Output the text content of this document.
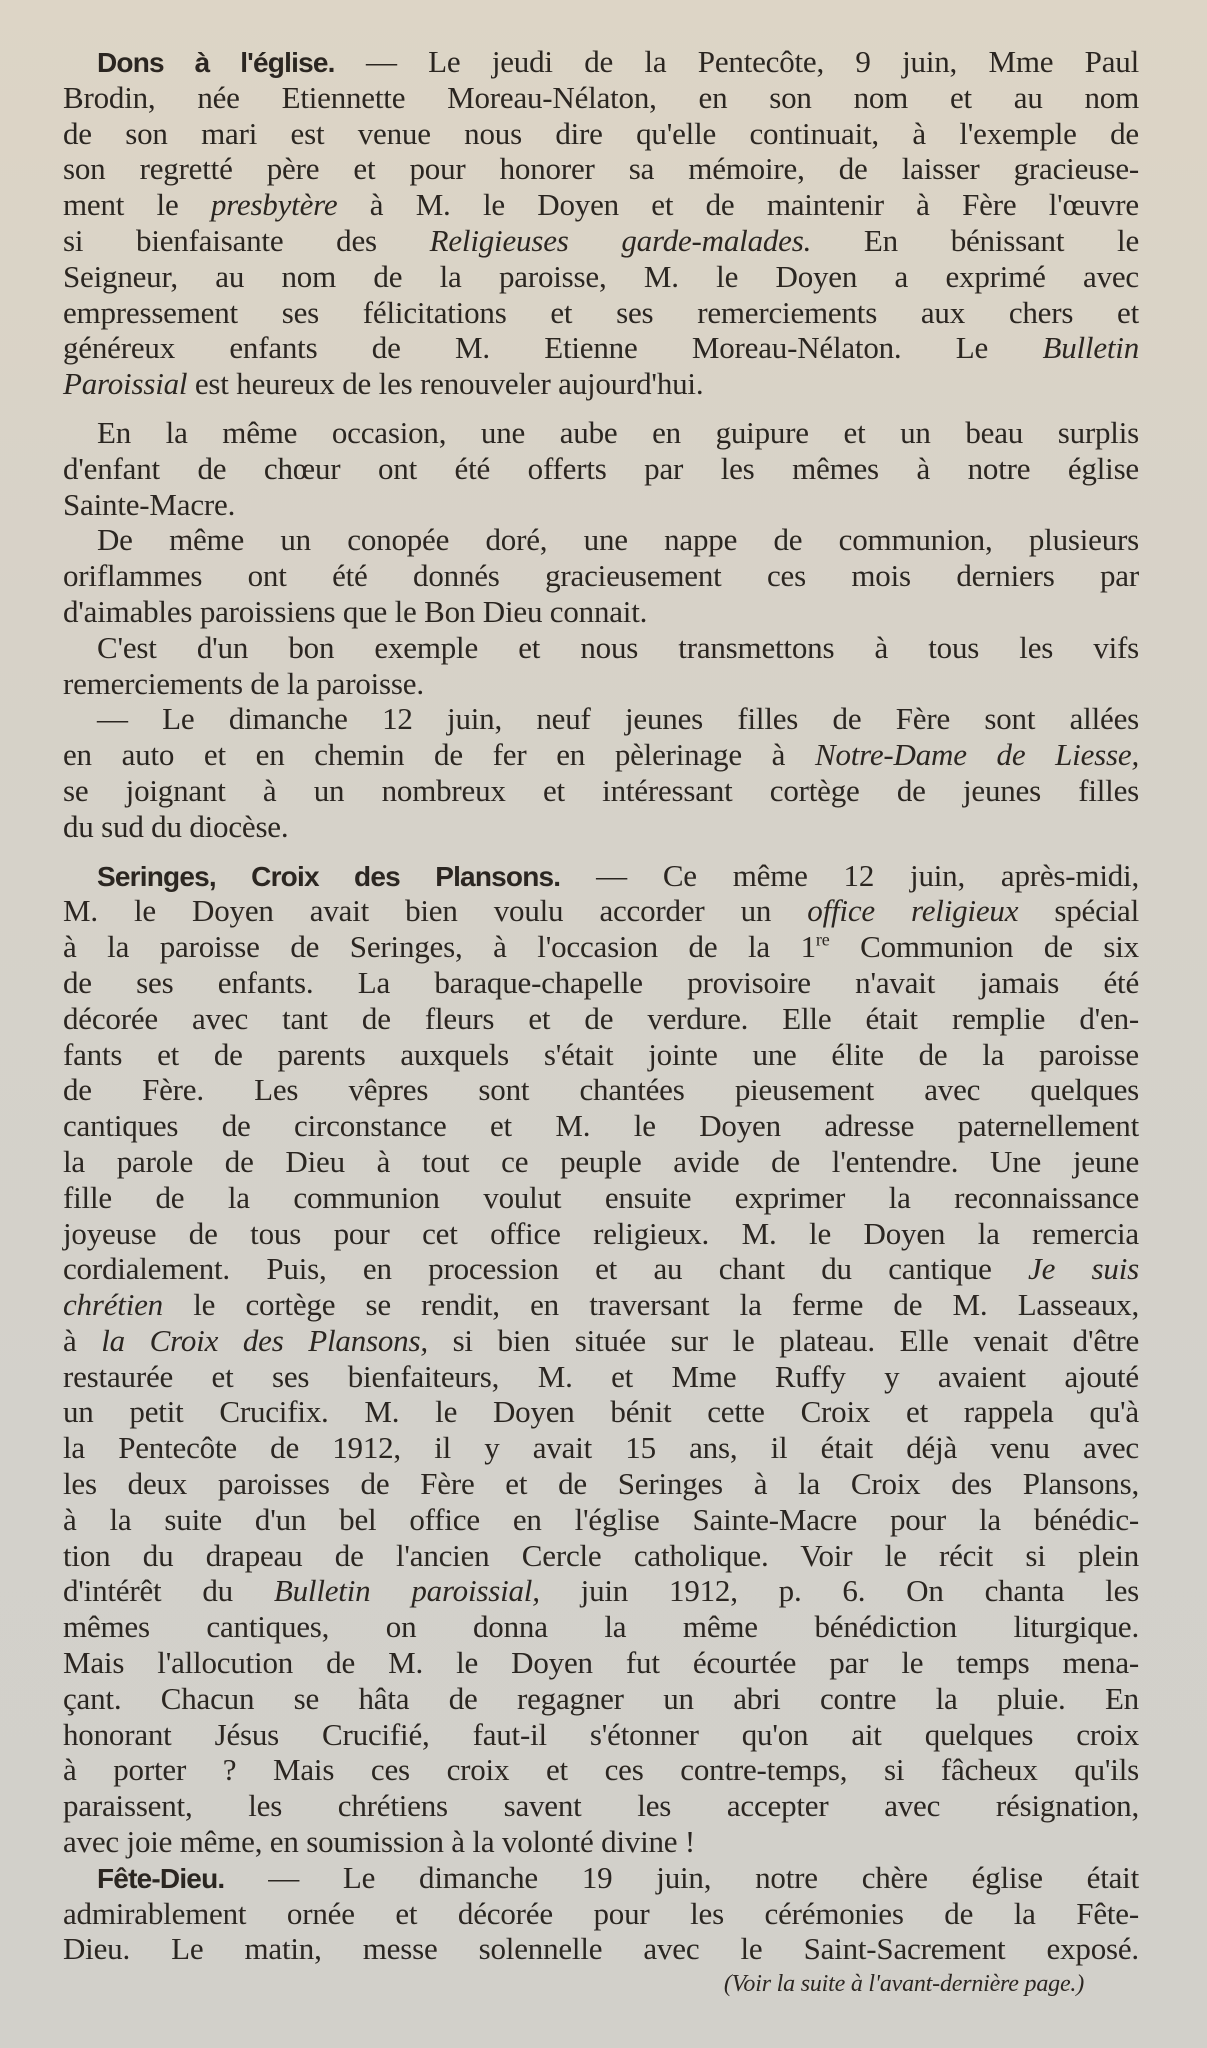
Dons à l'église. — Le jeudi de la Pentecôte, 9 juin, Mme Paul
Brodin, née Etiennette Moreau-Nélaton, en son nom et au nom
de son mari est venue nous dire qu'elle continuait, à l'exemple de
son regretté père et pour honorer sa mémoire, de laisser gracieuse-
ment le presbytère à M. le Doyen et de maintenir à Fère l'œuvre
si bienfaisante des Religieuses garde-malades. En bénissant le
Seigneur, au nom de la paroisse, M. le Doyen a exprimé avec
empressement ses félicitations et ses remerciements aux chers et
généreux enfants de M. Etienne Moreau-Nélaton. Le Bulletin
Paroissial est heureux de les renouveler aujourd'hui.
En la même occasion, une aube en guipure et un beau surplis
d'enfant de chœur ont été offerts par les mêmes à notre église
Sainte-Macre.
De même un conopée doré, une nappe de communion, plusieurs
oriflammes ont été donnés gracieusement ces mois derniers par
d'aimables paroissiens que le Bon Dieu connait.
C'est d'un bon exemple et nous transmettons à tous les vifs
remerciements de la paroisse.
— Le dimanche 12 juin, neuf jeunes filles de Fère sont allées
en auto et en chemin de fer en pèlerinage à Notre-Dame de Liesse,
se joignant à un nombreux et intéressant cortège de jeunes filles
du sud du diocèse.
Seringes, Croix des Plansons. — Ce même 12 juin, après-midi,
M. le Doyen avait bien voulu accorder un office religieux spécial
à la paroisse de Seringes, à l'occasion de la 1re Communion de six
de ses enfants. La baraque-chapelle provisoire n'avait jamais été
décorée avec tant de fleurs et de verdure. Elle était remplie d'en-
fants et de parents auxquels s'était jointe une élite de la paroisse
de Fère. Les vêpres sont chantées pieusement avec quelques
cantiques de circonstance et M. le Doyen adresse paternellement
la parole de Dieu à tout ce peuple avide de l'entendre. Une jeune
fille de la communion voulut ensuite exprimer la reconnaissance
joyeuse de tous pour cet office religieux. M. le Doyen la remercia
cordialement. Puis, en procession et au chant du cantique Je suis
chrétien le cortège se rendit, en traversant la ferme de M. Lasseaux,
à la Croix des Plansons, si bien située sur le plateau. Elle venait d'être
restaurée et ses bienfaiteurs, M. et Mme Ruffy y avaient ajouté
un petit Crucifix. M. le Doyen bénit cette Croix et rappela qu'à
la Pentecôte de 1912, il y avait 15 ans, il était déjà venu avec
les deux paroisses de Fère et de Seringes à la Croix des Plansons,
à la suite d'un bel office en l'église Sainte-Macre pour la bénédic-
tion du drapeau de l'ancien Cercle catholique. Voir le récit si plein
d'intérêt du Bulletin paroissial, juin 1912, p. 6. On chanta les
mêmes cantiques, on donna la même bénédiction liturgique.
Mais l'allocution de M. le Doyen fut écourtée par le temps mena-
çant. Chacun se hâta de regagner un abri contre la pluie. En
honorant Jésus Crucifié, faut-il s'étonner qu'on ait quelques croix
à porter ? Mais ces croix et ces contre-temps, si fâcheux qu'ils
paraissent, les chrétiens savent les accepter avec résignation,
avec joie même, en soumission à la volonté divine !
Fête-Dieu. — Le dimanche 19 juin, notre chère église était
admirablement ornée et décorée pour les cérémonies de la Fête-
Dieu. Le matin, messe solennelle avec le Saint-Sacrement exposé.
(Voir la suite à l'avant-dernière page.)
